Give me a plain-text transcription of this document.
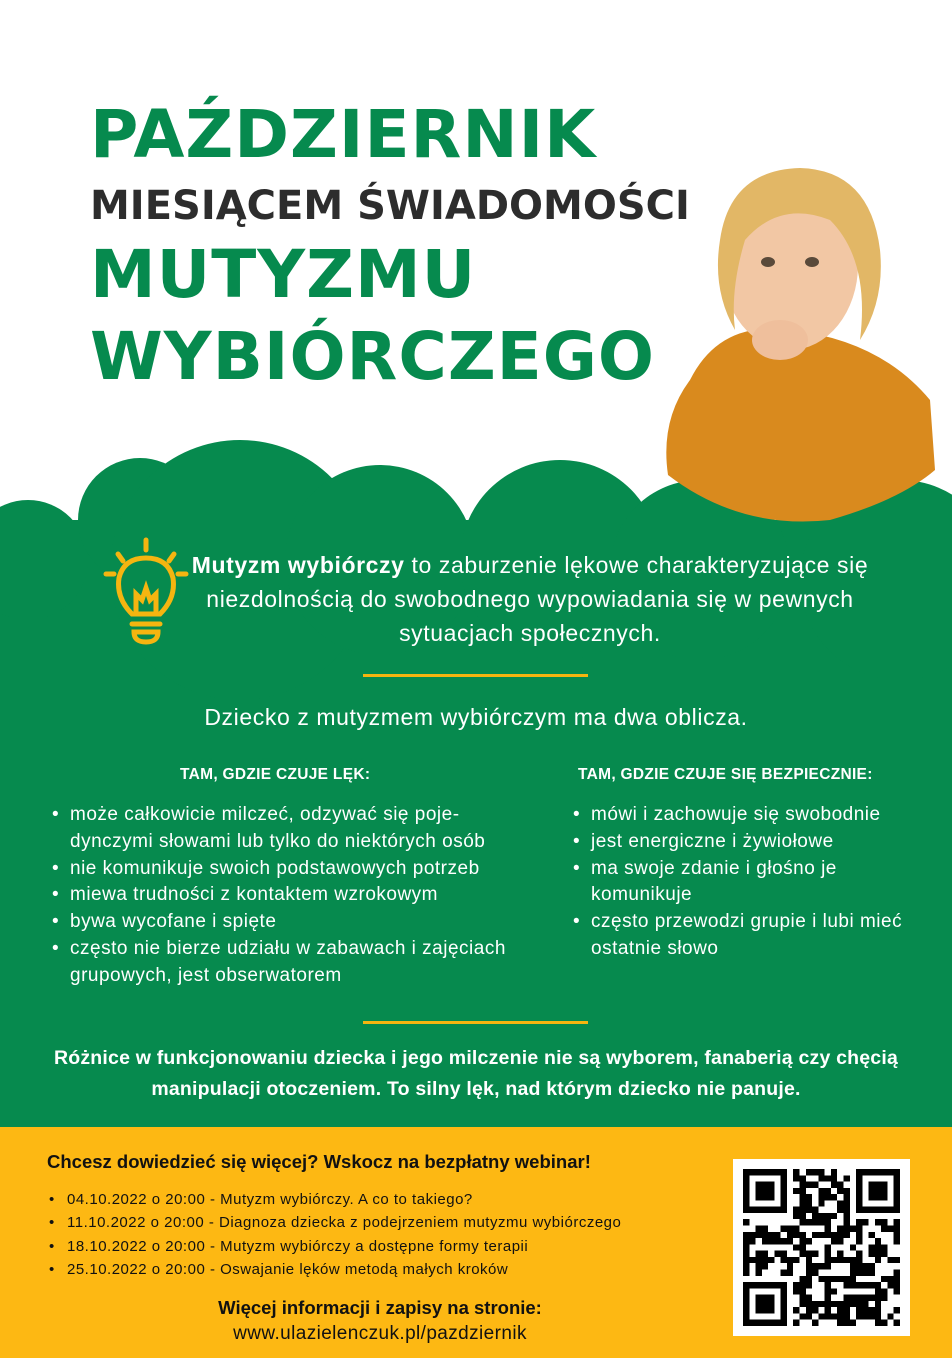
PAŹDZIERNIK
MIESIĄCEM ŚWIADOMOŚCI
MUTYZMU
WYBIÓRCZEGO
Mutyzm wybiórczy to zaburzenie lękowe charakteryzujące się niezdolnością do swobodnego wypowiadania się w pewnych sytuacjach społecznych.
Dziecko z mutyzmem wybiórczym ma dwa oblicza.
TAM, GDZIE CZUJE LĘK:	TAM, GDZIE CZUJE SIĘ BEZPIECZNIE:
• może całkowicie milczeć, odzywać się poje-dynczymi słowami lub tylko do niektórych osób
• nie komunikuje swoich podstawowych potrzeb
• miewa trudności z kontaktem wzrokowym
• bywa wycofane i spięte
• często nie bierze udziału w zabawach i zajęciach grupowych, jest obserwatorem
• mówi i zachowuje się swobodnie
• jest energiczne i żywiołowe
• ma swoje zdanie i głośno je komunikuje
• często przewodzi grupie i lubi mieć ostatnie słowo
Różnice w funkcjonowaniu dziecka i jego milczenie nie są wyborem, fanaberią czy chęcią manipulacji otoczeniem. To silny lęk, nad którym dziecko nie panuje.
Chcesz dowiedzieć się więcej? Wskocz na bezpłatny webinar!
• 04.10.2022 o 20:00 - Mutyzm wybiórczy. A co to takiego?
• 11.10.2022 o 20:00 - Diagnoza dziecka z podejrzeniem mutyzmu wybiórczego
• 18.10.2022 o 20:00 - Mutyzm wybiórczy a dostępne formy terapii
• 25.10.2022 o 20:00 - Oswajanie lęków metodą małych kroków
Więcej informacji i zapisy na stronie:
www.ulazielenczuk.pl/pazdziernik
